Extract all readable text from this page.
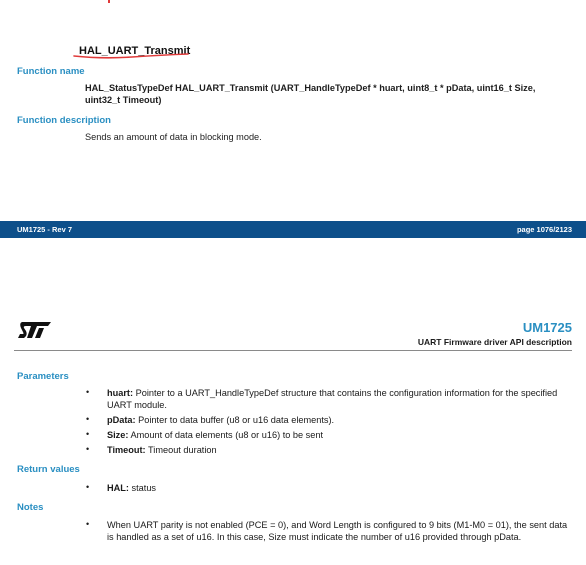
HAL_UART_Transmit
Function name
HAL_StatusTypeDef HAL_UART_Transmit (UART_HandleTypeDef * huart, uint8_t * pData, uint16_t Size, uint32_t Timeout)
Function description
Sends an amount of data in blocking mode.
UM1725 - Rev 7	page 1076/2123
UM1725
UART Firmware driver API description
Parameters
• huart: Pointer to a UART_HandleTypeDef structure that contains the configuration information for the specified UART module.
• pData: Pointer to data buffer (u8 or u16 data elements).
• Size: Amount of data elements (u8 or u16) to be sent
• Timeout: Timeout duration
Return values
• HAL: status
Notes
• When UART parity is not enabled (PCE = 0), and Word Length is configured to 9 bits (M1-M0 = 01), the sent data is handled as a set of u16. In this case, Size must indicate the number of u16 provided through pData.
